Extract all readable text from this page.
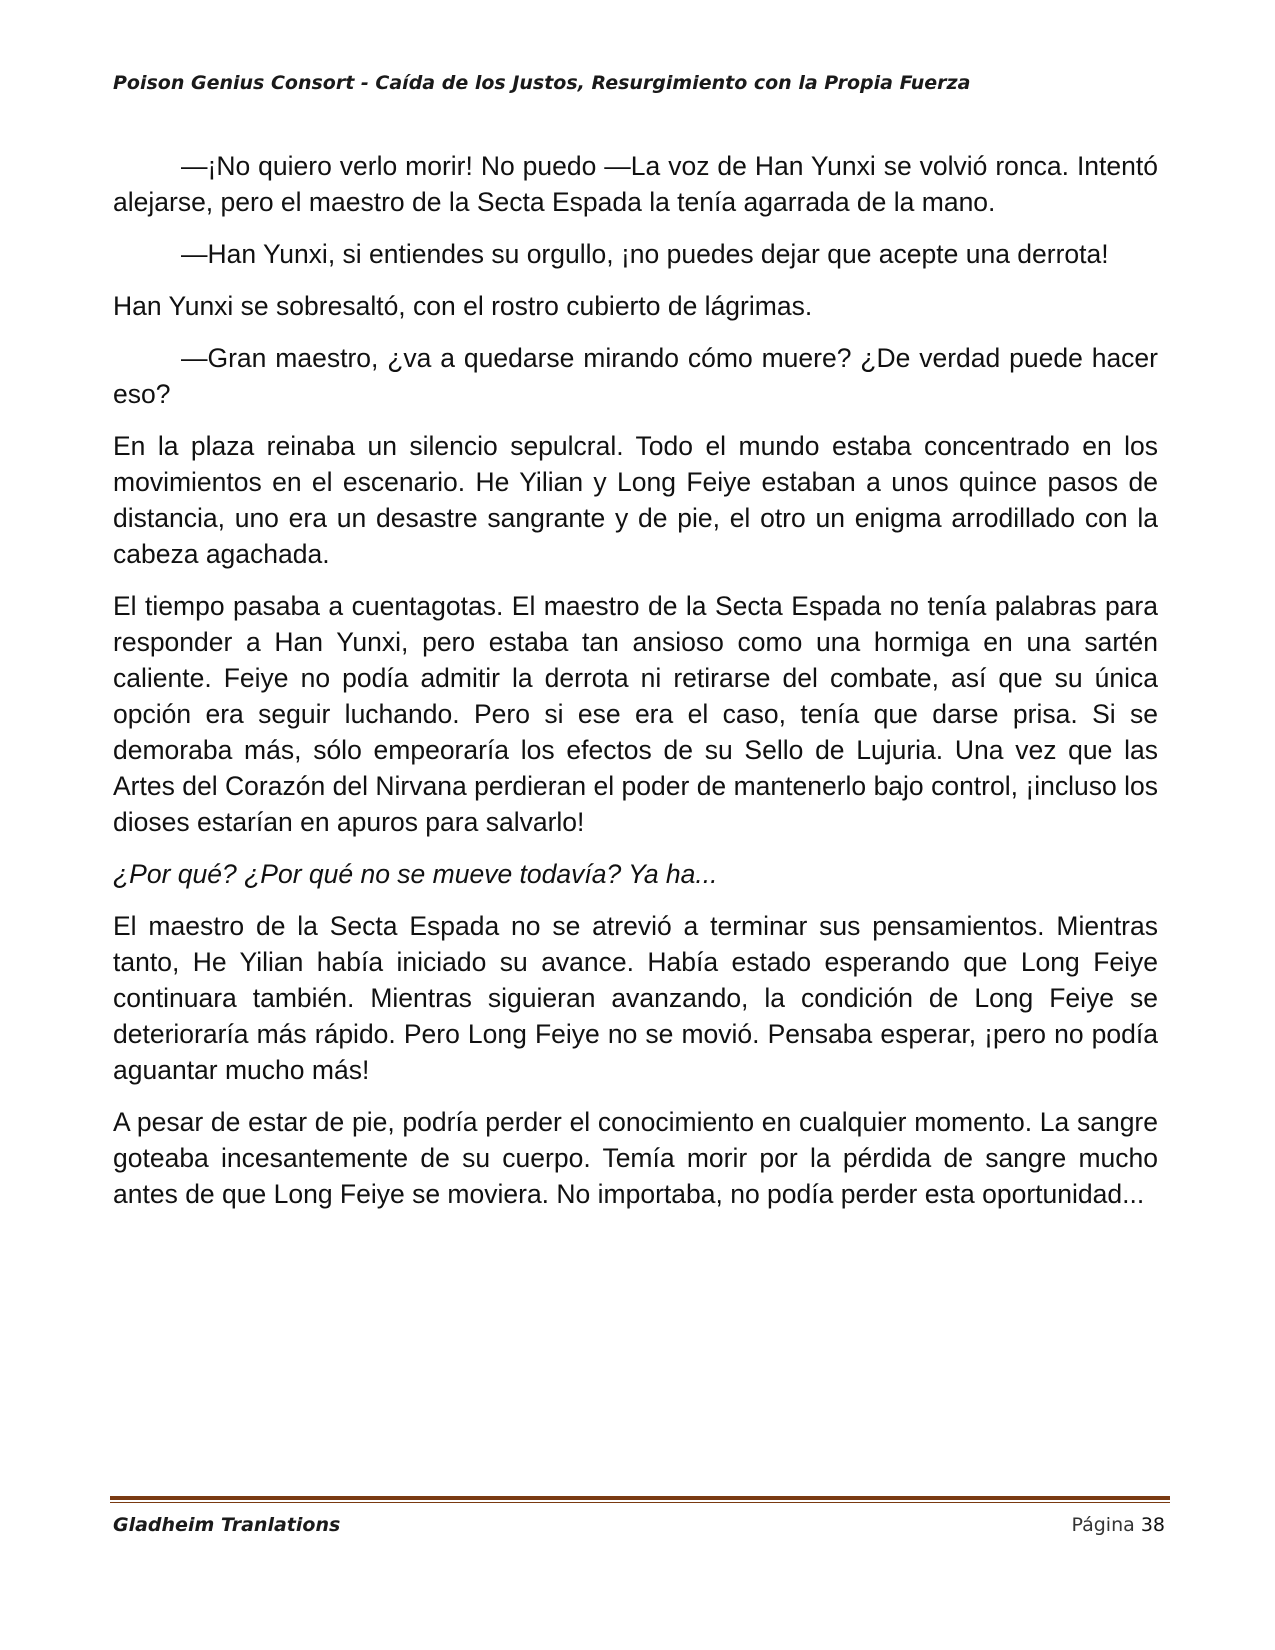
Poison Genius Consort - Caída de los Justos, Resurgimiento con la Propia Fuerza

—¡No quiero verlo morir! No puedo —La voz de Han Yunxi se volvió ronca. Intentó alejarse, pero el maestro de la Secta Espada la tenía agarrada de la mano.

—Han Yunxi, si entiendes su orgullo, ¡no puedes dejar que acepte una derrota!

Han Yunxi se sobresaltó, con el rostro cubierto de lágrimas.

—Gran maestro, ¿va a quedarse mirando cómo muere? ¿De verdad puede hacer eso?

En la plaza reinaba un silencio sepulcral. Todo el mundo estaba concentrado en los movimientos en el escenario. He Yilian y Long Feiye estaban a unos quince pasos de distancia, uno era un desastre sangrante y de pie, el otro un enigma arrodillado con la cabeza agachada.

El tiempo pasaba a cuentagotas. El maestro de la Secta Espada no tenía palabras para responder a Han Yunxi, pero estaba tan ansioso como una hormiga en una sartén caliente. Feiye no podía admitir la derrota ni retirarse del combate, así que su única opción era seguir luchando. Pero si ese era el caso, tenía que darse prisa. Si se demoraba más, sólo empeoraría los efectos de su Sello de Lujuria. Una vez que las Artes del Corazón del Nirvana perdieran el poder de mantenerlo bajo control, ¡incluso los dioses estarían en apuros para salvarlo!

¿Por qué? ¿Por qué no se mueve todavía? Ya ha...

El maestro de la Secta Espada no se atrevió a terminar sus pensamientos. Mientras tanto, He Yilian había iniciado su avance. Había estado esperando que Long Feiye continuara también. Mientras siguieran avanzando, la condición de Long Feiye se deterioraría más rápido. Pero Long Feiye no se movió. Pensaba esperar, ¡pero no podía aguantar mucho más!

A pesar de estar de pie, podría perder el conocimiento en cualquier momento. La sangre goteaba incesantemente de su cuerpo. Temía morir por la pérdida de sangre mucho antes de que Long Feiye se moviera. No importaba, no podía perder esta oportunidad...

Gladheim Tranlations	Página 38
